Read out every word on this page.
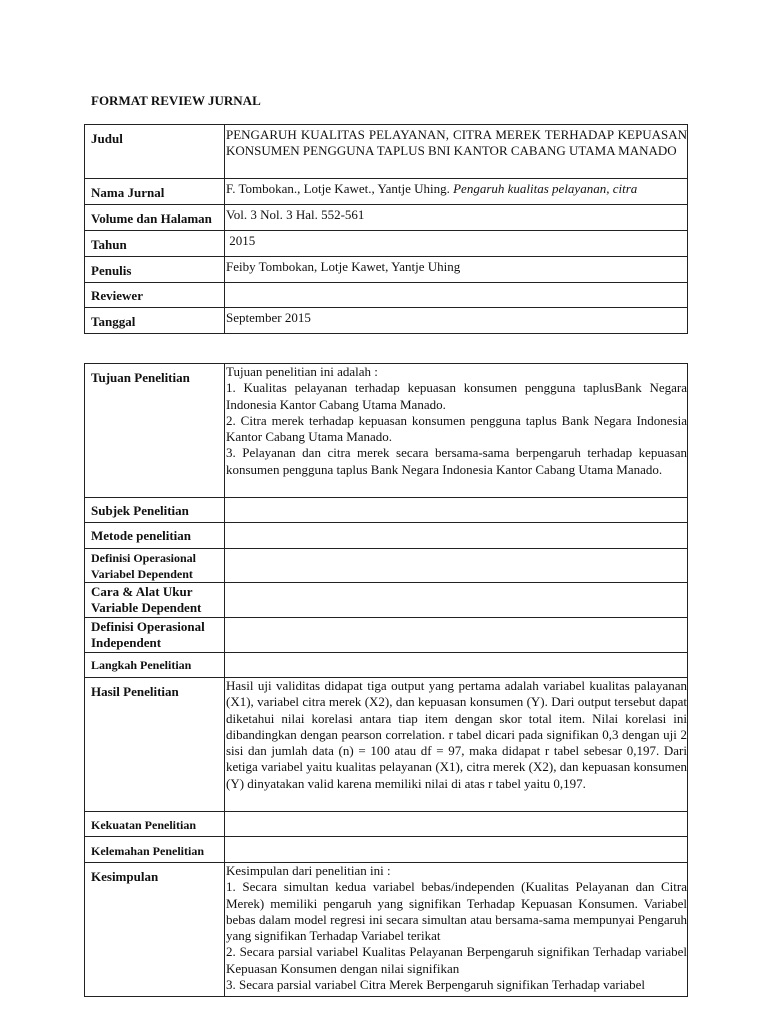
FORMAT REVIEW JURNAL
Judul	PENGARUH KUALITAS PELAYANAN, CITRA MEREK TERHADAP KEPUASAN KONSUMEN PENGGUNA TAPLUS BNI KANTOR CABANG UTAMA MANADO
Nama Jurnal	F. Tombokan., Lotje Kawet., Yantje Uhing. Pengaruh kualitas pelayanan, citra
Volume dan Halaman	Vol. 3 Nol. 3 Hal. 552-561
Tahun	2015
Penulis	Feiby Tombokan, Lotje Kawet, Yantje Uhing
Reviewer	
Tanggal	September 2015
Tujuan Penelitian	Tujuan penelitian ini adalah :
1. Kualitas pelayanan terhadap kepuasan konsumen pengguna taplusBank Negara Indonesia Kantor Cabang Utama Manado.
2. Citra merek terhadap kepuasan konsumen pengguna taplus Bank Negara Indonesia Kantor Cabang Utama Manado.
3. Pelayanan dan citra merek secara bersama-sama berpengaruh terhadap kepuasan konsumen pengguna taplus Bank Negara Indonesia Kantor Cabang Utama Manado.

Subjek Penelitian	
Metode penelitian	
Definisi Operasional Variabel Dependent	
Cara & Alat Ukur Variable Dependent	
Definisi Operasional Independent	
Langkah Penelitian	
Hasil Penelitian	Hasil uji validitas didapat tiga output yang pertama adalah variabel kualitas palayanan (X1), variabel citra merek (X2), dan kepuasan konsumen (Y). Dari output tersebut dapat diketahui nilai korelasi antara tiap item dengan skor total item. Nilai korelasi ini dibandingkan dengan pearson correlation. r tabel dicari pada signifikan 0,3 dengan uji 2 sisi dan jumlah data (n) = 100 atau df = 97, maka didapat r tabel sebesar 0,197. Dari ketiga variabel yaitu kualitas pelayanan (X1), citra merek (X2), dan kepuasan konsumen (Y) dinyatakan valid karena memiliki nilai di atas r tabel yaitu 0,197.
Kekuatan Penelitian	
Kelemahan Penelitian	
Kesimpulan	Kesimpulan dari penelitian ini :
1. Secara simultan kedua variabel bebas/independen (Kualitas Pelayanan dan Citra Merek) memiliki pengaruh yang signifikan Terhadap Kepuasan Konsumen. Variabel bebas dalam model regresi ini secara simultan atau bersama-sama mempunyai Pengaruh yang signifikan Terhadap Variabel terikat
2. Secara parsial variabel Kualitas Pelayanan Berpengaruh signifikan Terhadap variabel Kepuasan Konsumen dengan nilai signifikan
3. Secara parsial variabel Citra Merek Berpengaruh signifikan Terhadap variabel
